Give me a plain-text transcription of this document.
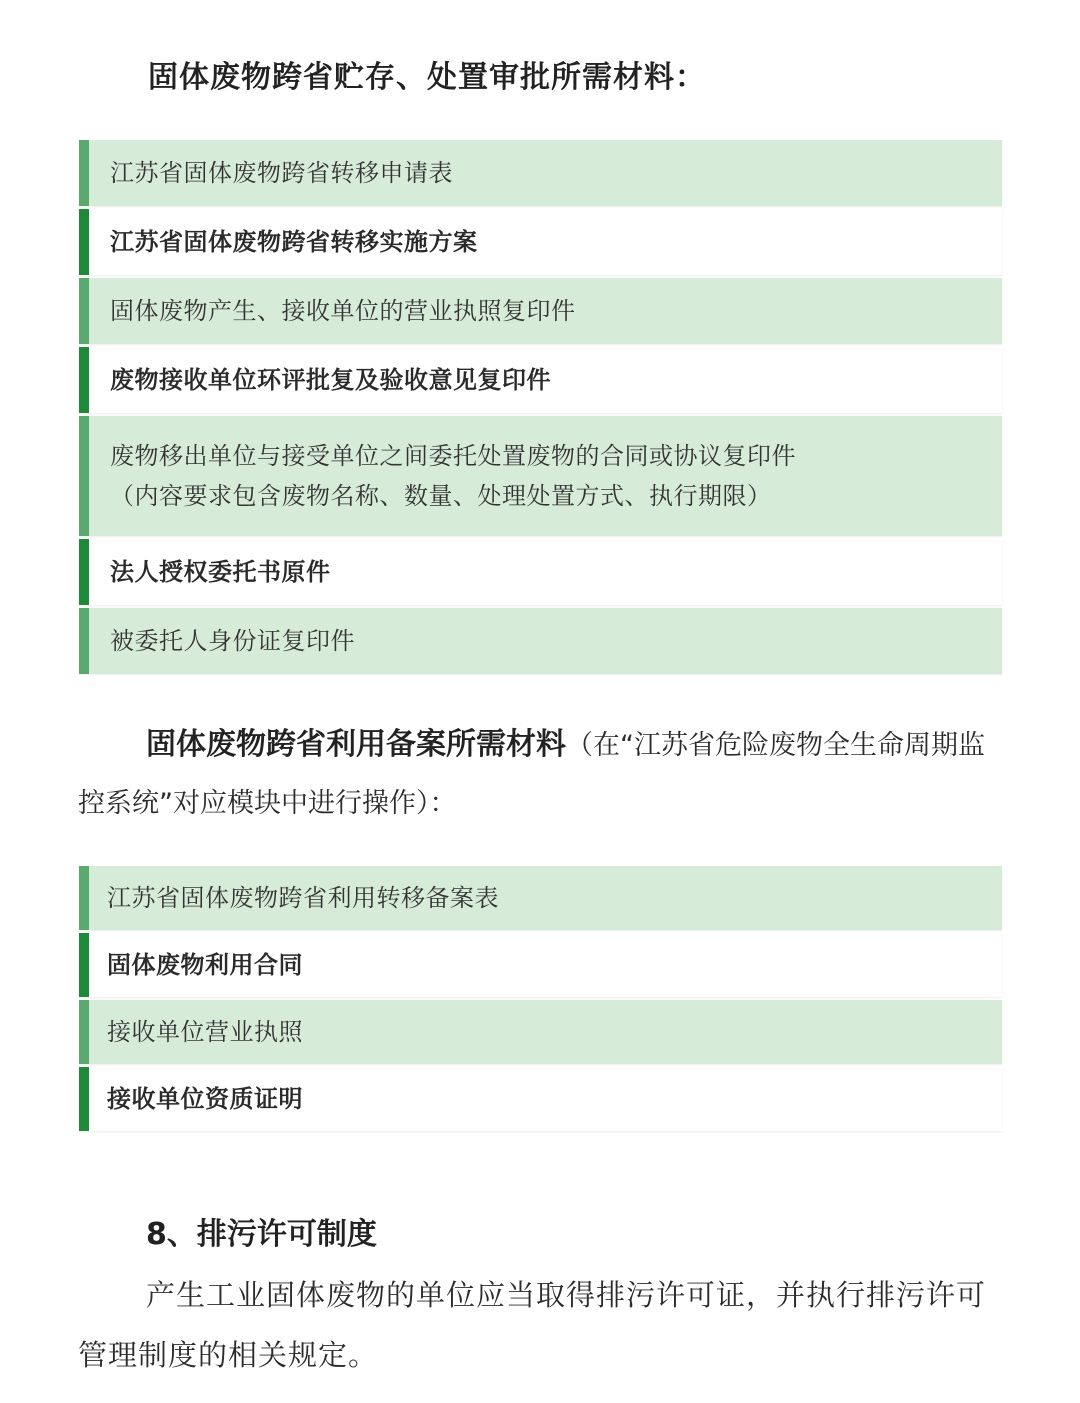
固体废物跨省贮存、处置审批所需材料：
江苏省固体废物跨省转移申请表
江苏省固体废物跨省转移实施方案
固体废物产生、接收单位的营业执照复印件
废物接收单位环评批复及验收意见复印件
废物移出单位与接受单位之间委托处置废物的合同或协议复印件
（内容要求包含废物名称、数量、处理处置方式、执行期限）
法人授权委托书原件
被委托人身份证复印件

固体废物跨省利用备案所需材料（在“江苏省危险废物全生命周期监控系统”对应模块中进行操作）：

江苏省固体废物跨省利用转移备案表
固体废物利用合同
接收单位营业执照
接收单位资质证明
8、排污许可制度

产生工业固体废物的单位应当取得排污许可证，并执行排污许可管理制度的相关规定。
